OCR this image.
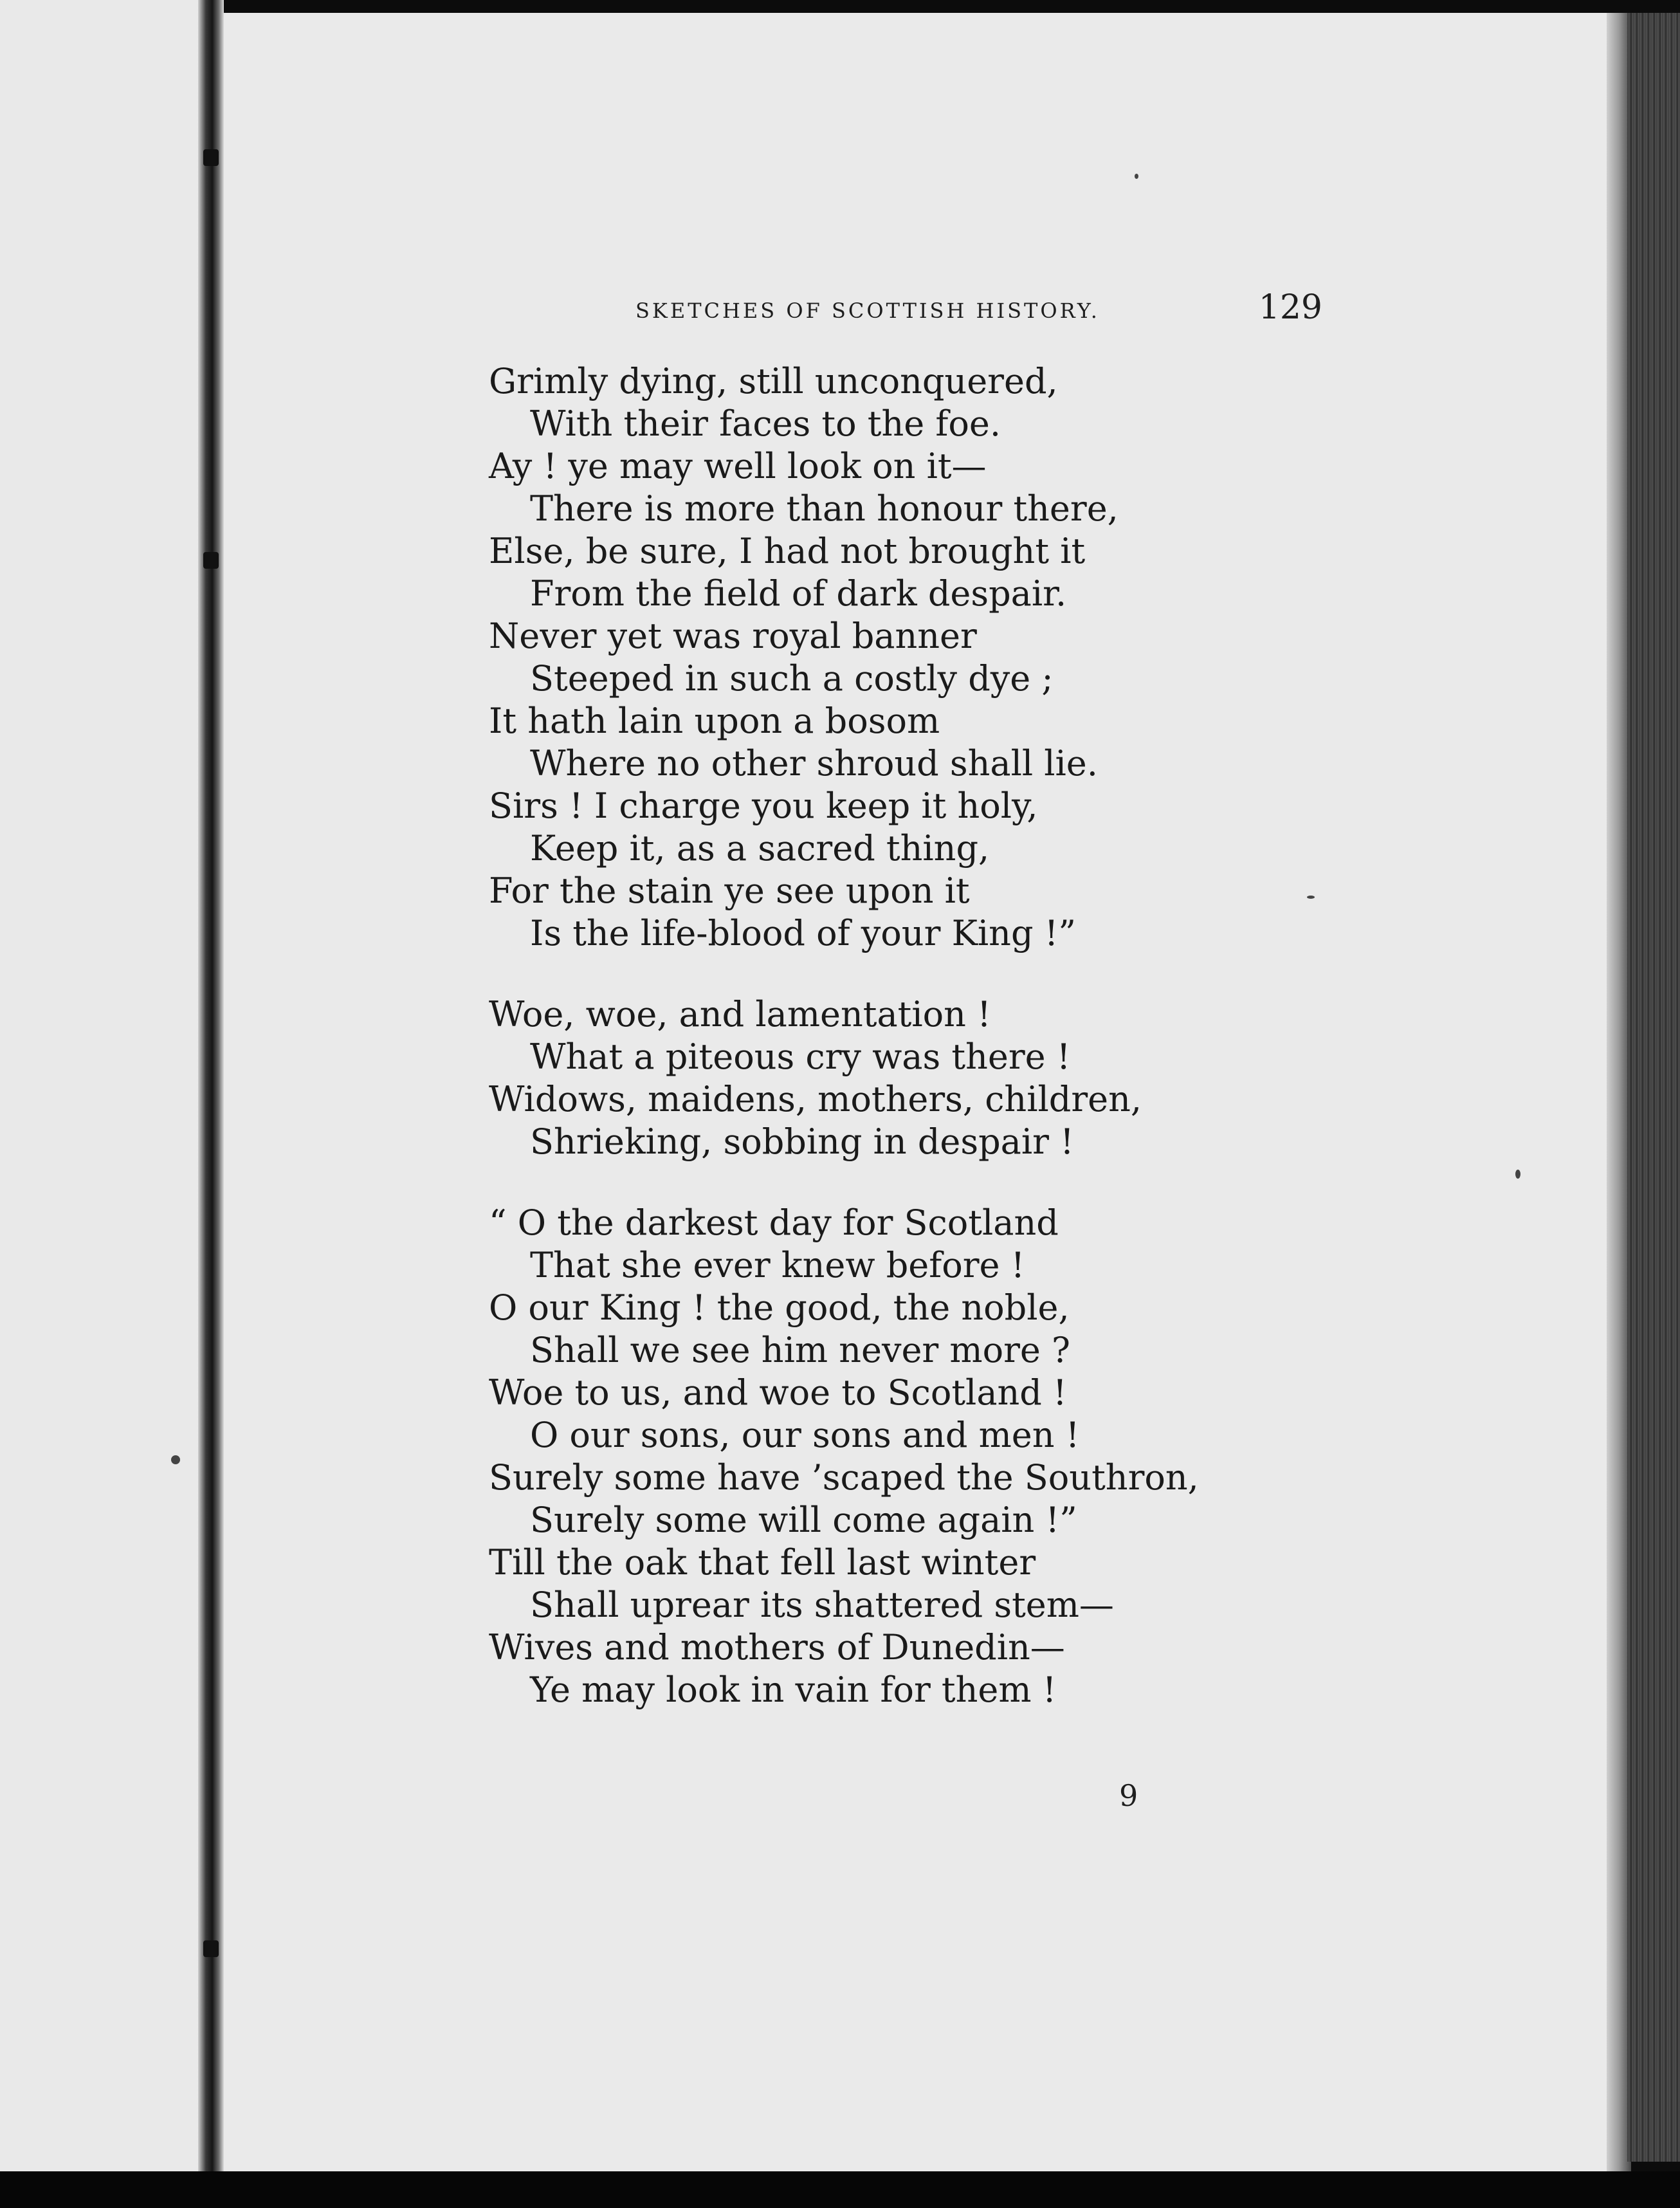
SKETCHES OF SCOTTISH HISTORY.	129
Grimly dying, still unconquered,
With their faces to the foe.
Ay ! ye may well look on it—
There is more than honour there,
Else, be sure, I had not brought it
From the field of dark despair.
Never yet was royal banner
Steeped in such a costly dye ;
It hath lain upon a bosom
Where no other shroud shall lie.
Sirs ! I charge you keep it holy,
Keep it, as a sacred thing,
For the stain ye see upon it
Is the life-blood of your King !”
Woe, woe, and lamentation !
What a piteous cry was there !
Widows, maidens, mothers, children,
Shrieking, sobbing in despair !
“ O the darkest day for Scotland
That she ever knew before !
O our King ! the good, the noble,
Shall we see him never more ?
Woe to us, and woe to Scotland !
O our sons, our sons and men !
Surely some have ’scaped the Southron,
Surely some will come again !”
Till the oak that fell last winter
Shall uprear its shattered stem—
Wives and mothers of Dunedin—
Ye may look in vain for them !
9
